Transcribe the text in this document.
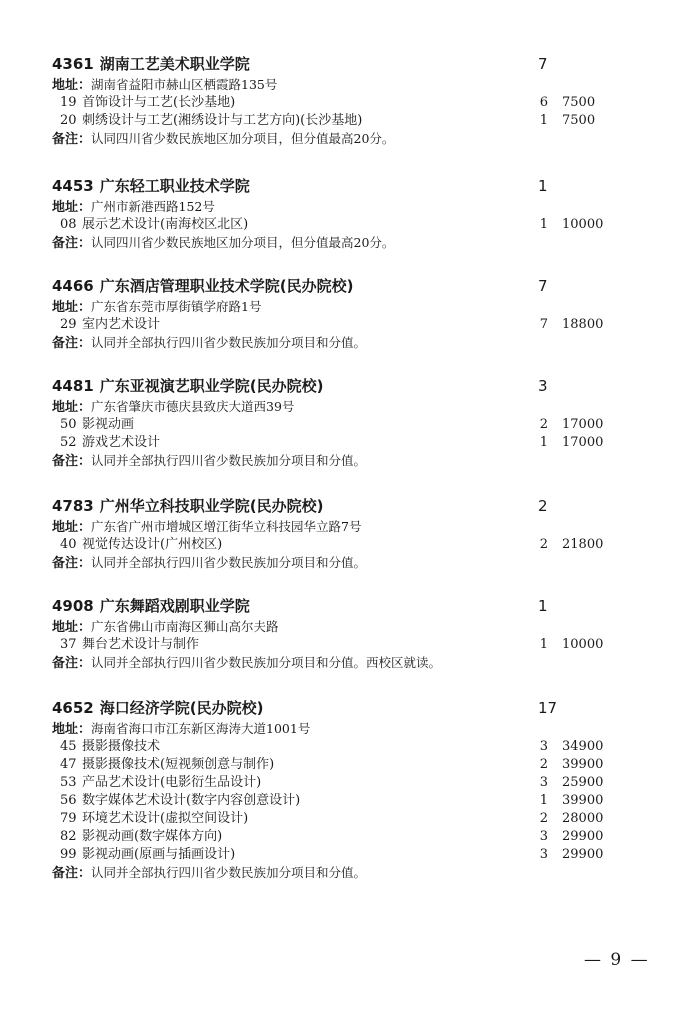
4361 湖南工艺美术职业学院	7
地址：湖南省益阳市赫山区栖霞路135号
19 首饰设计与工艺(长沙基地)	6 7500
20 刺绣设计与工艺(湘绣设计与工艺方向)(长沙基地)	1 7500
备注：认同四川省少数民族地区加分项目，但分值最高20分。
4453 广东轻工职业技术学院	1
地址：广州市新港西路152号
08 展示艺术设计(南海校区北区)	1 10000
备注：认同四川省少数民族地区加分项目，但分值最高20分。
4466 广东酒店管理职业技术学院(民办院校)	7
地址：广东省东莞市厚街镇学府路1号
29 室内艺术设计	7 18800
备注：认同并全部执行四川省少数民族加分项目和分值。
4481 广东亚视演艺职业学院(民办院校)	3
地址：广东省肇庆市德庆县致庆大道西39号
50 影视动画	2 17000
52 游戏艺术设计	1 17000
备注：认同并全部执行四川省少数民族加分项目和分值。
4783 广州华立科技职业学院(民办院校)	2
地址：广东省广州市增城区增江街华立科技园华立路7号
40 视觉传达设计(广州校区)	2 21800
备注：认同并全部执行四川省少数民族加分项目和分值。
4908 广东舞蹈戏剧职业学院	1
地址：广东省佛山市南海区狮山高尔夫路
37 舞台艺术设计与制作	1 10000
备注：认同并全部执行四川省少数民族加分项目和分值。西校区就读。
4652 海口经济学院(民办院校)	17
地址：海南省海口市江东新区海涛大道1001号
45 摄影摄像技术	3 34900
47 摄影摄像技术(短视频创意与制作)	2 39900
53 产品艺术设计(电影衍生品设计)	3 25900
56 数字媒体艺术设计(数字内容创意设计)	1 39900
79 环境艺术设计(虚拟空间设计)	2 28000
82 影视动画(数字媒体方向)	3 29900
99 影视动画(原画与插画设计)	3 29900
备注：认同并全部执行四川省少数民族加分项目和分值。
— 9 —
